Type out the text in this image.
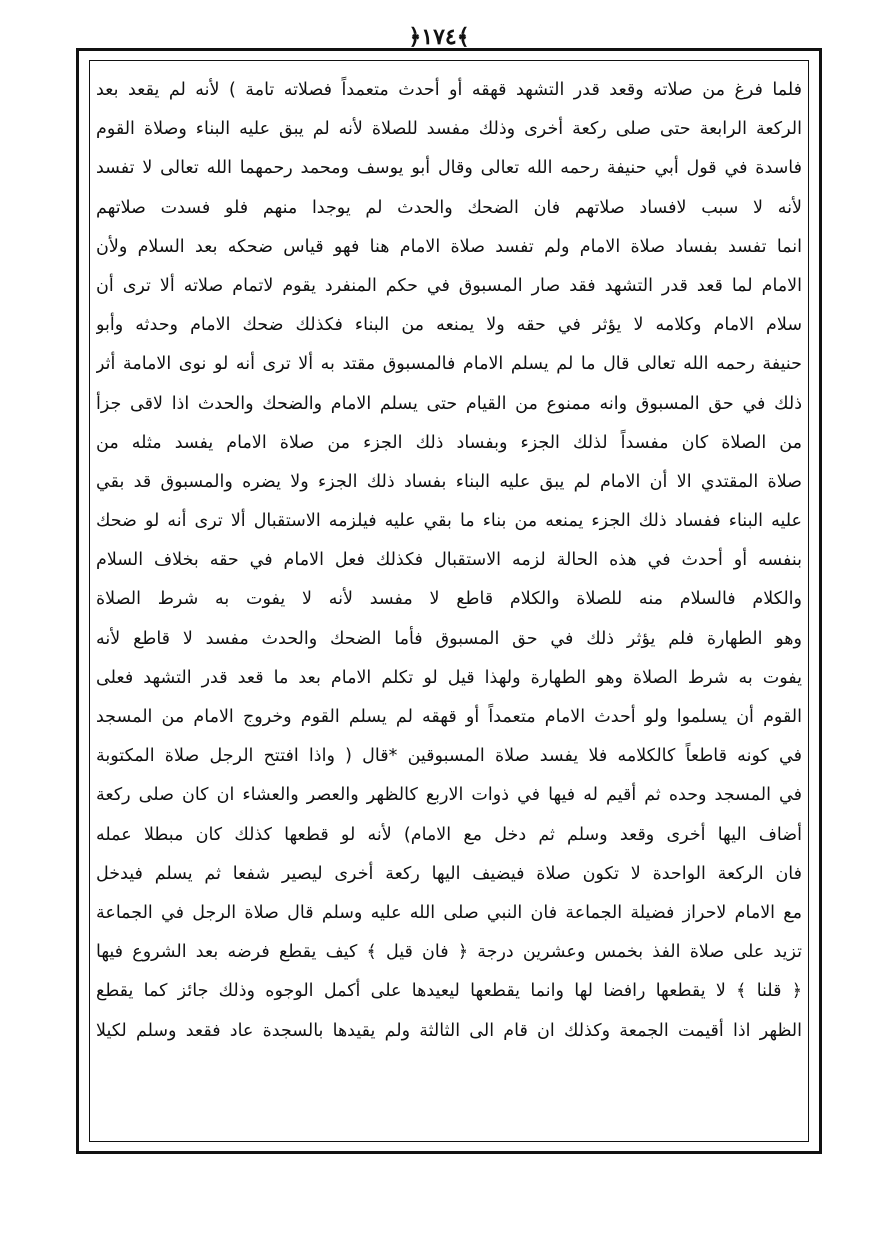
﴿١٧٤﴾
فلما فرغ من صلاته وقعد قدر التشهد قهقه أو أحدث متعمداً فصلاته تامة ) لأنه لم يقعد بعد
الركعة الرابعة حتى صلى ركعة أخرى وذلك مفسد للصلاة لأنه لم يبق عليه البناء وصلاة القوم
فاسدة في قول أبي حنيفة رحمه الله تعالى وقال أبو يوسف ومحمد رحمهما الله تعالى لا تفسد
لأنه لا سبب لافساد صلاتهم فان الضحك والحدث لم يوجدا منهم فلو فسدت صلاتهم
انما تفسد بفساد صلاة الامام ولم تفسد صلاة الامام هنا فهو قياس ضحكه بعد السلام ولأن
الامام لما قعد قدر التشهد فقد صار المسبوق في حكم المنفرد يقوم لاتمام صلاته ألا ترى أن
سلام الامام وكلامه لا يؤثر في حقه ولا يمنعه من البناء فكذلك ضحك الامام وحدثه وأبو
حنيفة رحمه الله تعالى قال ما لم يسلم الامام فالمسبوق مقتد به ألا ترى أنه لو نوى الامامة أثر
ذلك في حق المسبوق وانه ممنوع من القيام حتى يسلم الامام والضحك والحدث اذا لاقى جزأ
من الصلاة كان مفسداً لذلك الجزء وبفساد ذلك الجزء من صلاة الامام يفسد مثله من
صلاة المقتدي الا أن الامام لم يبق عليه البناء بفساد ذلك الجزء ولا يضره والمسبوق قد بقي
عليه البناء ففساد ذلك الجزء يمنعه من بناء ما بقي عليه فيلزمه الاستقبال ألا ترى أنه لو ضحك
بنفسه أو أحدث في هذه الحالة لزمه الاستقبال فكذلك فعل الامام في حقه بخلاف السلام
والكلام فالسلام منه للصلاة والكلام قاطع لا مفسد لأنه لا يفوت به شرط الصلاة
وهو الطهارة فلم يؤثر ذلك في حق المسبوق فأما الضحك والحدث مفسد لا قاطع لأنه
يفوت به شرط الصلاة وهو الطهارة ولهذا قيل لو تكلم الامام بعد ما قعد قدر التشهد فعلى
القوم أن يسلموا ولو أحدث الامام متعمداً أو قهقه لم يسلم القوم وخروج الامام من المسجد
في كونه قاطعاً كالكلامه فلا يفسد صلاة المسبوقين *قال ( واذا افتتح الرجل صلاة المكتوبة
في المسجد وحده ثم أقيم له فيها في ذوات الاربع كالظهر والعصر والعشاء ان كان صلى ركعة
أضاف اليها أخرى وقعد وسلم ثم دخل مع الامام) لأنه لو قطعها كذلك كان مبطلا عمله
فان الركعة الواحدة لا تكون صلاة فيضيف اليها ركعة أخرى ليصير شفعا ثم يسلم فيدخل
مع الامام لاحراز فضيلة الجماعة فان النبي صلى الله عليه وسلم قال صلاة الرجل في الجماعة
تزيد على صلاة الفذ بخمس وعشرين درجة ﴿ فان قيل ﴾ كيف يقطع فرضه بعد الشروع فيها
﴿ قلنا ﴾ لا يقطعها رافضا لها وانما يقطعها ليعيدها على أكمل الوجوه وذلك جائز كما يقطع
الظهر اذا أقيمت الجمعة وكذلك ان قام الى الثالثة ولم يقيدها بالسجدة عاد فقعد وسلم لكيلا
